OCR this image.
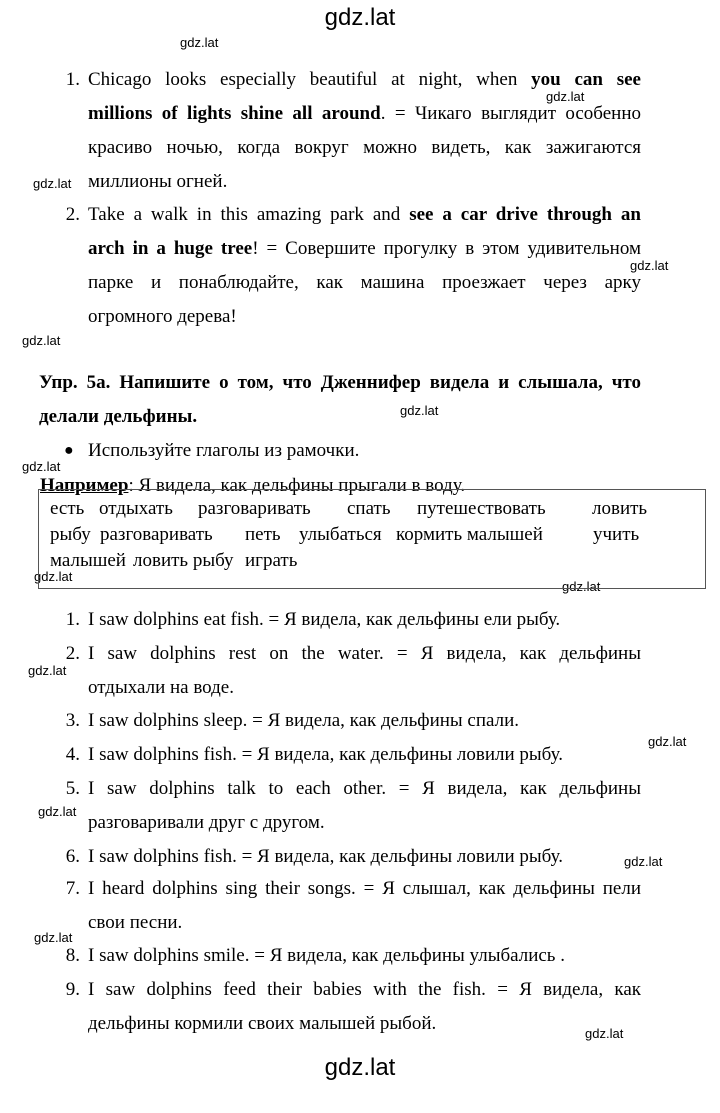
gdz.lat
gdz.lat
gdz.lat
gdz.lat
gdz.lat
gdz.lat
gdz.lat
gdz.lat
gdz.lat
gdz.lat
gdz.lat
gdz.lat
gdz.lat
gdz.lat
gdz.lat
gdz.lat
1. Chicago looks especially beautiful at night, when you can see
millions of lights shine all around. = Чикаго выглядит особенно
красиво ночью, когда вокруг можно видеть, как зажигаются
миллионы огней.
2. Take a walk in this amazing park and see a car drive through an
arch in a huge tree! = Совершите прогулку в этом удивительном
парке и понаблюдайте, как машина проезжает через арку
огромного дерева!
Упр. 5а. Напишите о том, что Дженнифер видела и слышала, что
делали дельфины.
● Используйте глаголы из рамочки.
Например: Я видела, как дельфины прыгали в воду.
есть отдыхать разговаривать спать путешествовать ловить
рыбу разговаривать петь улыбаться кормить малышей	учить
малышей ловить рыбу играть
1. I saw dolphins eat fish. = Я видела, как дельфины ели рыбу.
2. I saw dolphins rest on the water. = Я видела, как дельфины
отдыхали на воде.
3. I saw dolphins sleep. = Я видела, как дельфины спали.
4. I saw dolphins fish. = Я видела, как дельфины ловили рыбу.
5. I saw dolphins talk to each other. = Я видела, как дельфины
разговаривали друг с другом.
6. I saw dolphins fish. = Я видела, как дельфины ловили рыбу.
7. I heard dolphins sing their songs. = Я слышал, как дельфины пели
свои песни.
8. I saw dolphins smile. = Я видела, как дельфины улыбались .
9. I saw dolphins feed their babies with the fish. = Я видела, как
дельфины кормили своих малышей рыбой.
gdz.lat
